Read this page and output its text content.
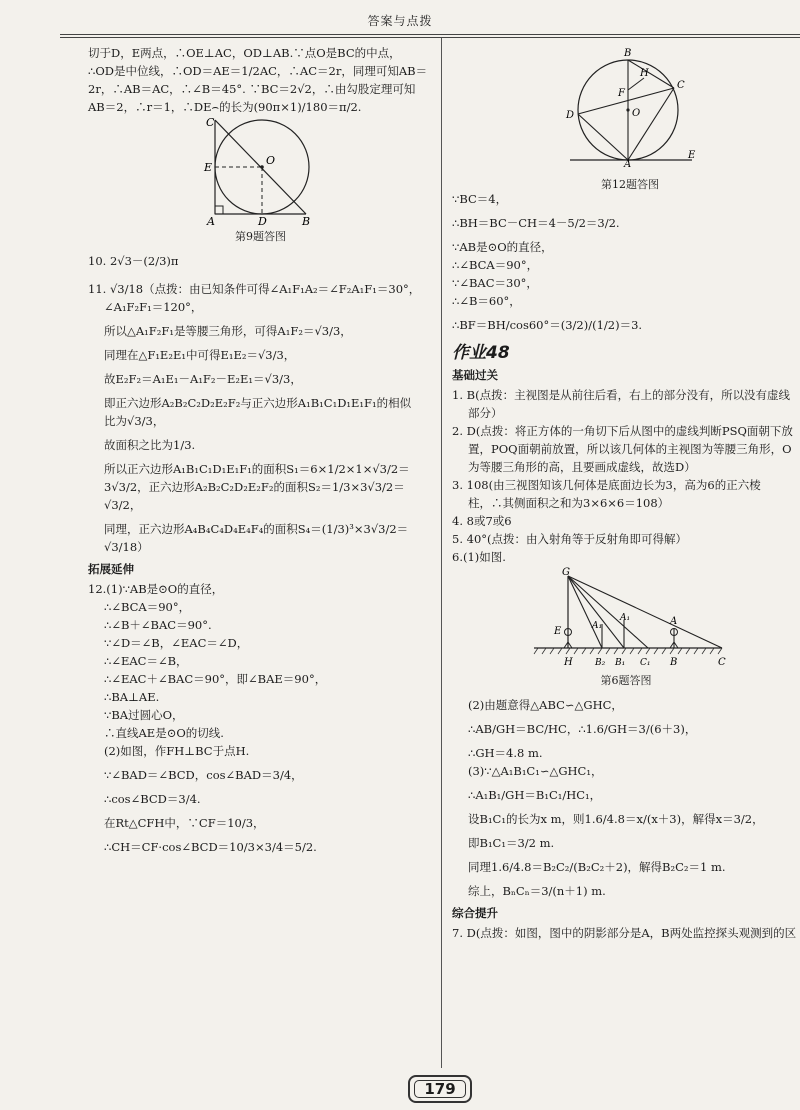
答案与点拨

切于D，E两点，∴OE⊥AC，OD⊥AB.∵点O是BC的中点，

∴OD是中位线，∴OD＝AE＝1/2AC，∴AC＝2r，同理可知AB＝

2r，∴AB＝AC，∴∠B＝45°. ∵BC＝2√2，∴由勾股定理可知

AB＝2，∴r＝1，∴DE⌢的长为(90π×1)/180＝π/2.

C
E
O
A	D	B
第9题答图

10. 2√3－(2/3)π

11. √3/18（点拨：由已知条件可得∠A₁F₁A₂＝∠F₂A₁F₁＝30°，

∠A₁F₂F₁＝120°，

所以△A₁F₂F₁是等腰三角形，可得A₁F₂＝√3/3，

同理在△F₁E₂E₁中可得E₁E₂＝√3/3，

故E₂F₂＝A₁E₁－A₁F₂－E₂E₁＝√3/3，

即正六边形A₂B₂C₂D₂E₂F₂与正六边形A₁B₁C₁D₁E₁F₁的相似

比为√3/3，

故面积之比为1/3.

所以正六边形A₁B₁C₁D₁E₁F₁的面积S₁＝6×1/2×1×√3/2＝

3√3/2，正六边形A₂B₂C₂D₂E₂F₂的面积S₂＝1/3×3√3/2＝√3/2，

同理，正六边形A₄B₄C₄D₄E₄F₄的面积S₄＝(1/3)³×3√3/2＝

√3/18）

拓展延伸

12.(1)∵AB是⊙O的直径，

∴∠BCA＝90°，

∴∠B＋∠BAC＝90°.

∵∠D＝∠B，∠EAC＝∠D，

∴∠EAC＝∠B，

∴∠EAC＋∠BAC＝90°，即∠BAE＝90°，

∴BA⊥AE.

∵BA过圆心O，

∴直线AE是⊙O的切线.

(2)如图，作FH⊥BC于点H.

∵∠BAD＝∠BCD，cos∠BAD＝3/4，

∴cos∠BCD＝3/4.

在Rt△CFH中，∵CF＝10/3，

∴CH＝CF·cos∠BCD＝10/3×3/4＝5/2.

B
H
C
F
D	O
A
E
第12题答图

∵BC＝4，

∴BH＝BC－CH＝4－5/2＝3/2.

∵AB是⊙O的直径，

∴∠BCA＝90°，

∵∠BAC＝30°，

∴∠B＝60°，

∴BF＝BH/cos60°＝(3/2)/(1/2)＝3.

作业48
基础过关

1. B(点拨：主视图是从前往后看，右上的部分没有，所以没有虚线

部分）

2. D(点拨：将正方体的一角切下后从图中的虚线判断PSQ面朝下放

置，POQ面朝前放置，所以该几何体的主视图为等腰三角形，O

为等腰三角形的高，且要画成虚线，故选D）

3. 108(由三视图知该几何体是底面边长为3，高为6的正六棱

柱，∴其侧面积之和为3×6×6＝108）

4. 8或7或6

5. 40°(点拨：由入射角等于反射角即可得解）

6.(1)如图.

G
E	A₁
A₁	A
H B₂ B₁ C₁ B	C
第6题答图

(2)由题意得△ABC∽△GHC，

∴AB/GH＝BC/HC，∴1.6/GH＝3/(6＋3)，

∴GH＝4.8 m.

(3)∵△A₁B₁C₁∽△GHC₁，

∴A₁B₁/GH＝B₁C₁/HC₁，

设B₁C₁的长为x m，则1.6/4.8＝x/(x＋3)，解得x＝3/2，

即B₁C₁＝3/2 m.

同理1.6/4.8＝B₂C₂/(B₂C₂＋2)，解得B₂C₂＝1 m.

综上，BₙCₙ＝3/(n＋1) m.

综合提升

7. D(点拨：如图，图中的阴影部分是A，B两处监控探头观测到的区

179
